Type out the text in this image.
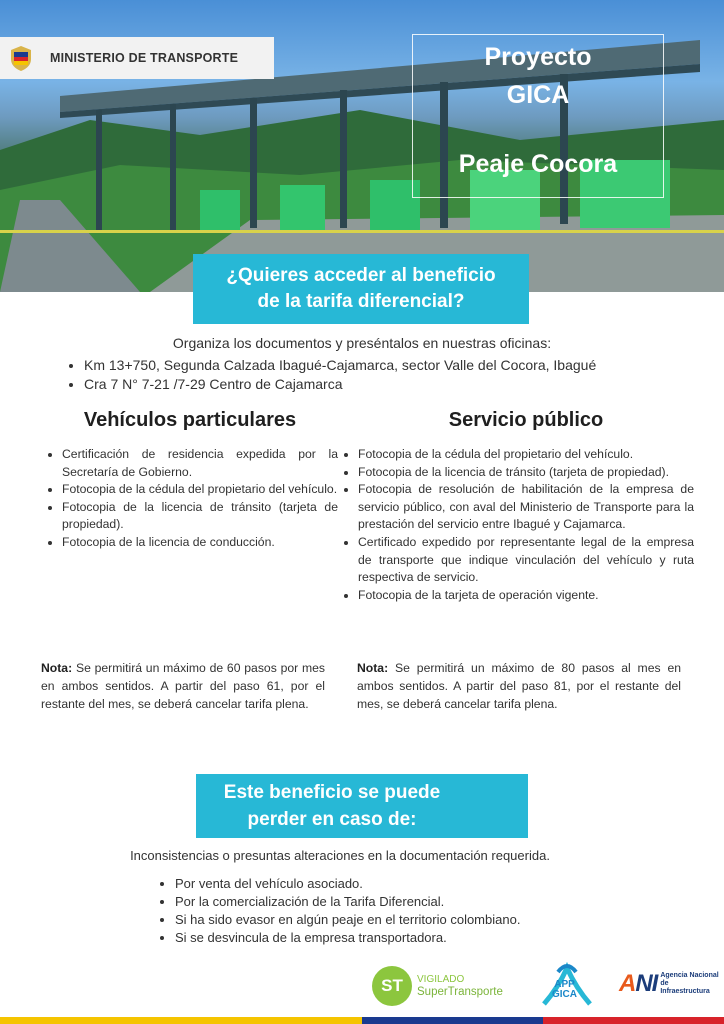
MINISTERIO DE TRANSPORTE	Proyecto
GICA
Peaje Cocora
¿Quieres acceder al beneficio
de la tarifa diferencial?
Organiza los documentos y preséntalos en nuestras oficinas:
• Km 13+750, Segunda Calzada Ibagué-Cajamarca, sector Valle del Cocora, Ibagué
• Cra 7 N° 7-21 /7-29 Centro de Cajamarca
Vehículos particulares
• Certificación de residencia expedida por la Secretaría de Gobierno.
• Fotocopia de la cédula del propietario del vehículo.
• Fotocopia de la licencia de tránsito (tarjeta de propiedad).
• Fotocopia de la licencia de conducción.
Nota: Se permitirá un máximo de 60 pasos por mes en ambos sentidos. A partir del paso 61, por el restante del mes, se deberá cancelar tarifa plena.
Servicio público
• Fotocopia de la cédula del propietario del vehículo.
• Fotocopia de la licencia de tránsito (tarjeta de propiedad).
• Fotocopia de resolución de habilitación de la empresa de servicio público, con aval del Ministerio de Transporte para la prestación del servicio entre Ibagué y Cajamarca.
• Certificado expedido por representante legal de la empresa de transporte que indique vinculación del vehículo y ruta respectiva de servicio.
• Fotocopia de la tarjeta de operación vigente.
Nota: Se permitirá un máximo de 80 pasos al mes en ambos sentidos. A partir del paso 81, por el restante del mes, se deberá cancelar tarifa plena.
Este beneficio se puede
perder en caso de:
Inconsistencias o presuntas alteraciones en la documentación requerida.
• Por venta del vehículo asociado.
• Por la comercialización de la Tarifa Diferencial.
• Si ha sido evasor en algún peaje en el territorio colombiano.
• Si se desvincula de la empresa transportadora.
ST	VIGILADO
SuperTransporte
APP
GICA ANI Agencia Nacional de
Infraestructura
